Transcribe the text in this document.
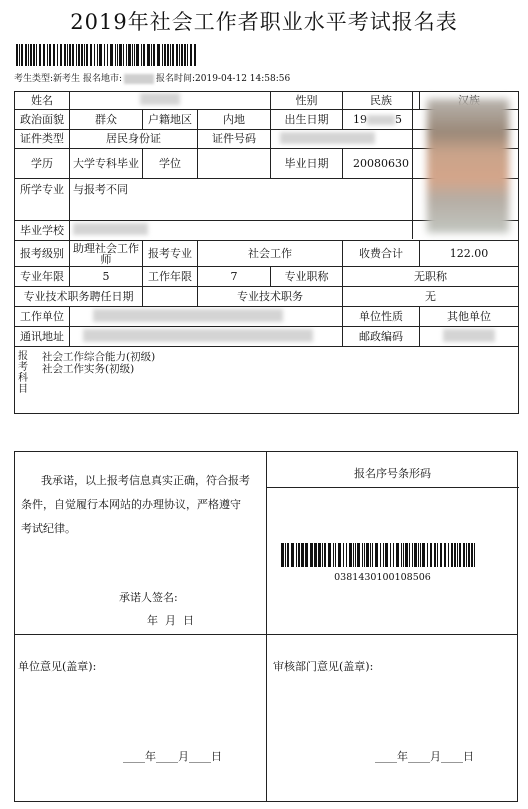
2019年社会工作者职业水平考试报名表
考生类型:新考生 报名地市:	报名时间:2019-04-12 14:58:56
姓名				性别	民族	
政治面貌	群众	户籍地区	内地	出生日期	19 5	
证件类型	居民身份证		证件号码			
学历	大学专科毕业	学位		毕业日期	20080630	
所学专业	与报考不同					
毕业学校						
报考级别	助理社会工作师	报考专业	社会工作		收费合计	122.00
专业年限	5	工作年限	7	专业职称	无职称	
专业技术职务聘任日期			专业技术职务		无	
工作单位					单位性质	其他单位
通讯地址					邮政编码	

报考科目
社会工作综合能力(初级)
社会工作实务(初级)						
我承诺，以上报考信息真实正确，符合报考
条件，自觉履行本网站的办理协议，严格遵守
考试纪律。
承诺人签名:
年  月  日
报名序号条形码
0381430100108506
单位意见(盖章):	审核部门意见(盖章):
____年____月____日	____年____月____日
